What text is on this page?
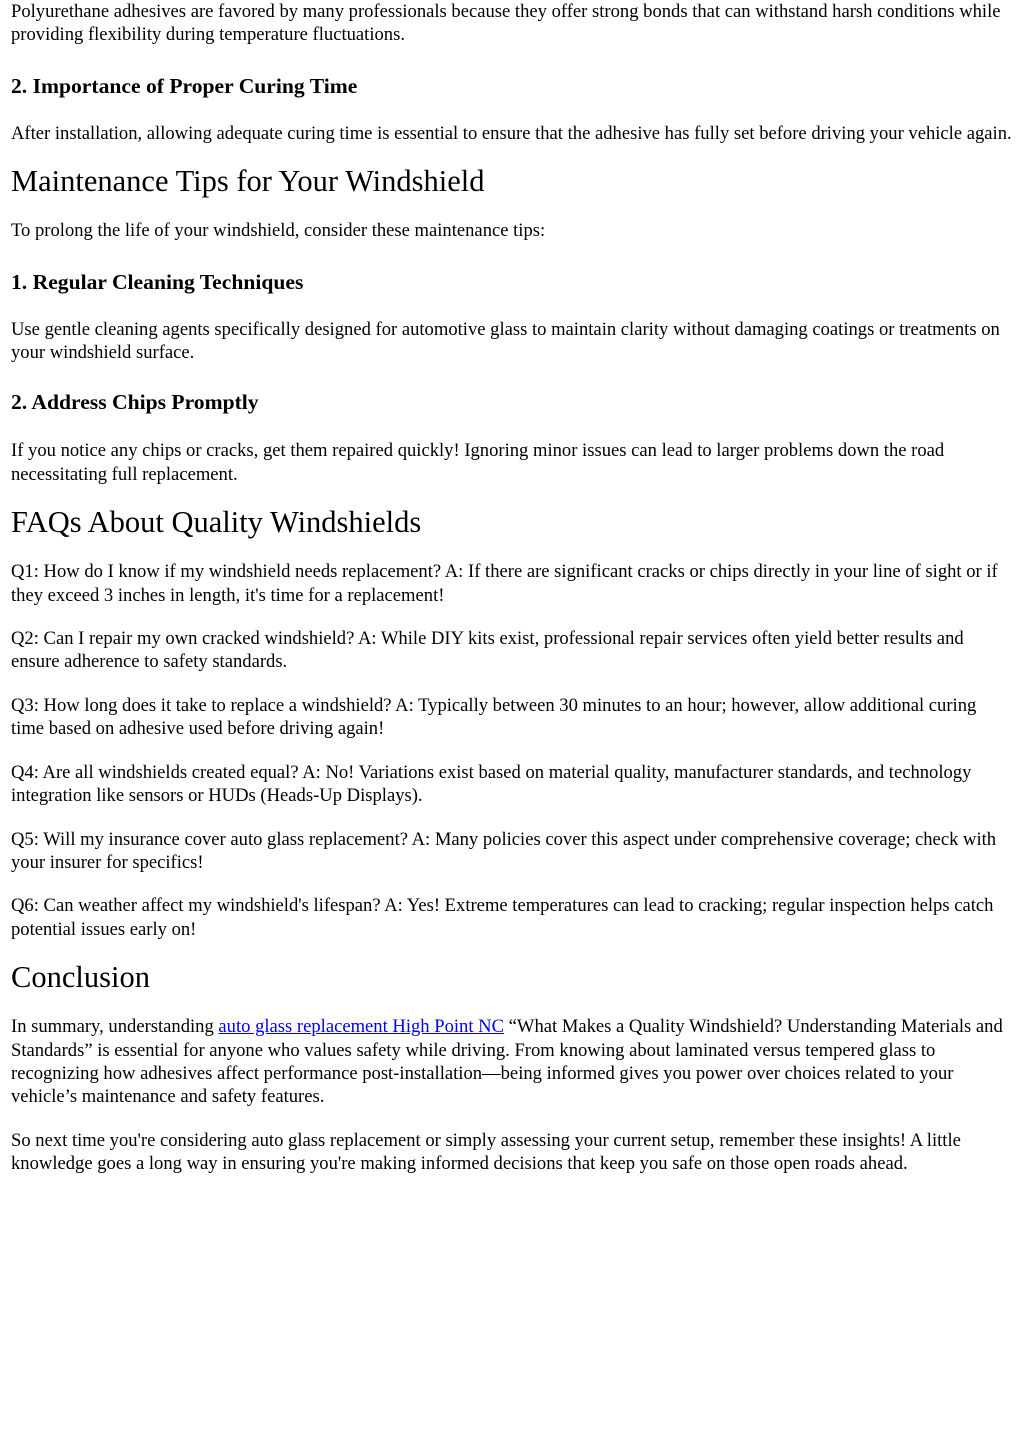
Polyurethane adhesives are favored by many professionals because they offer strong bonds that can withstand harsh conditions while providing flexibility during temperature fluctuations.

2. Importance of Proper Curing Time

After installation, allowing adequate curing time is essential to ensure that the adhesive has fully set before driving your vehicle again.

Maintenance Tips for Your Windshield

To prolong the life of your windshield, consider these maintenance tips:

1. Regular Cleaning Techniques

Use gentle cleaning agents specifically designed for automotive glass to maintain clarity without damaging coatings or treatments on your windshield surface.

2. Address Chips Promptly

If you notice any chips or cracks, get them repaired quickly! Ignoring minor issues can lead to larger problems down the road necessitating full replacement.

FAQs About Quality Windshields

Q1: How do I know if my windshield needs replacement? A: If there are significant cracks or chips directly in your line of sight or if they exceed 3 inches in length, it's time for a replacement!

Q2: Can I repair my own cracked windshield? A: While DIY kits exist, professional repair services often yield better results and ensure adherence to safety standards.

Q3: How long does it take to replace a windshield? A: Typically between 30 minutes to an hour; however, allow additional curing time based on adhesive used before driving again!

Q4: Are all windshields created equal? A: No! Variations exist based on material quality, manufacturer standards, and technology integration like sensors or HUDs (Heads-Up Displays).

Q5: Will my insurance cover auto glass replacement? A: Many policies cover this aspect under comprehensive coverage; check with your insurer for specifics!

Q6: Can weather affect my windshield's lifespan? A: Yes! Extreme temperatures can lead to cracking; regular inspection helps catch potential issues early on!

Conclusion

In summary, understanding auto glass replacement High Point NC “What Makes a Quality Windshield? Understanding Materials and Standards” is essential for anyone who values safety while driving. From knowing about laminated versus tempered glass to recognizing how adhesives affect performance post-installation—being informed gives you power over choices related to your vehicle’s maintenance and safety features.

So next time you're considering auto glass replacement or simply assessing your current setup, remember these insights! A little knowledge goes a long way in ensuring you're making informed decisions that keep you safe on those open roads ahead.
